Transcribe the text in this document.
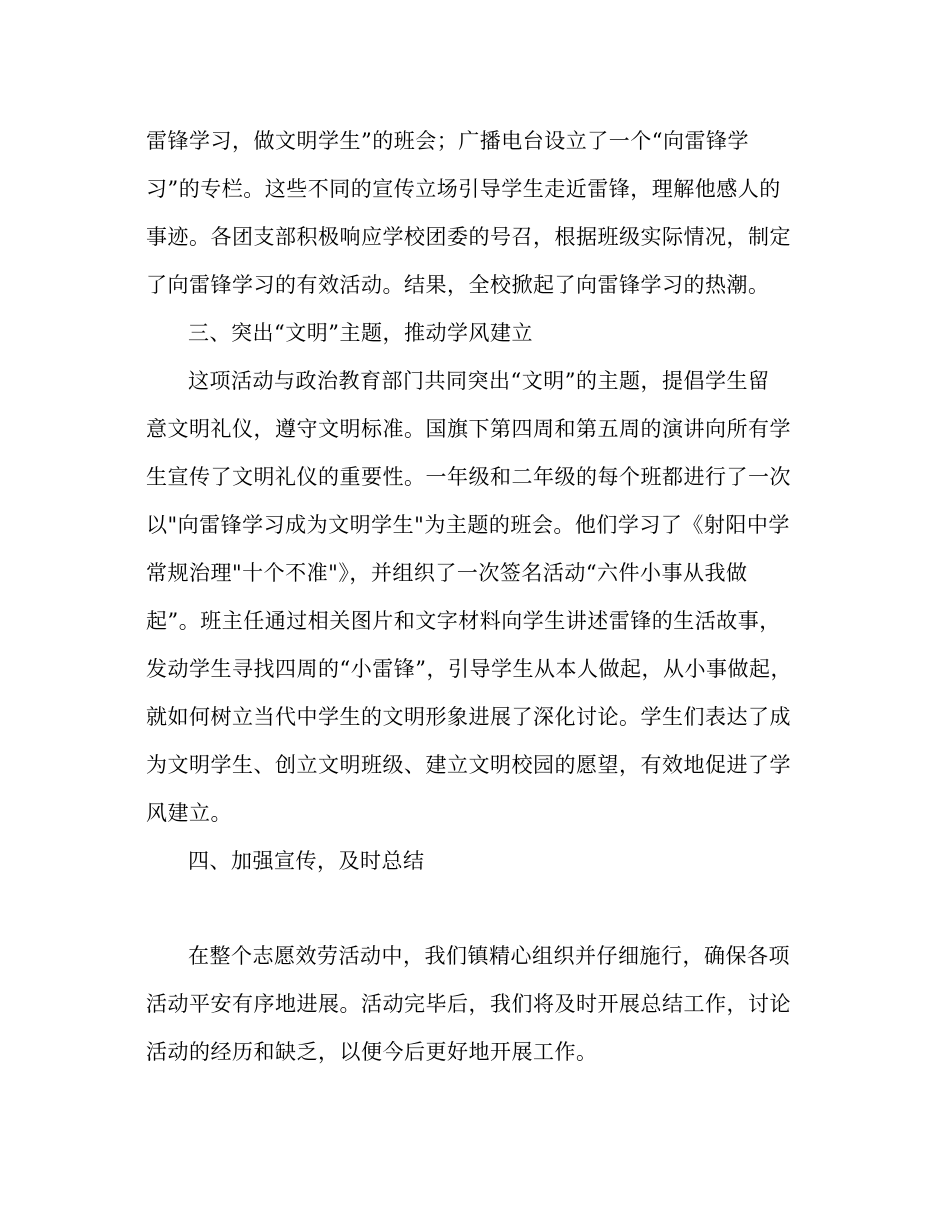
雷锋学习，做文明学生”的班会；广播电台设立了一个“向雷锋学

习”的专栏。这些不同的宣传立场引导学生走近雷锋，理解他感人的

事迹。各团支部积极响应学校团委的号召，根据班级实际情况，制定

了向雷锋学习的有效活动。结果，全校掀起了向雷锋学习的热潮。

三、突出“文明”主题，推动学风建立

这项活动与政治教育部门共同突出“文明”的主题，提倡学生留

意文明礼仪，遵守文明标准。国旗下第四周和第五周的演讲向所有学

生宣传了文明礼仪的重要性。一年级和二年级的每个班都进行了一次

以"向雷锋学习成为文明学生"为主题的班会。他们学习了《射阳中学

常规治理"十个不准"》，并组织了一次签名活动“六件小事从我做

起”。班主任通过相关图片和文字材料向学生讲述雷锋的生活故事，

发动学生寻找四周的“小雷锋”，引导学生从本人做起，从小事做起，

就如何树立当代中学生的文明形象进展了深化讨论。学生们表达了成

为文明学生、创立文明班级、建立文明校园的愿望，有效地促进了学

风建立。

四、加强宣传，及时总结

在整个志愿效劳活动中，我们镇精心组织并仔细施行，确保各项

活动平安有序地进展。活动完毕后，我们将及时开展总结工作，讨论

活动的经历和缺乏，以便今后更好地开展工作。
